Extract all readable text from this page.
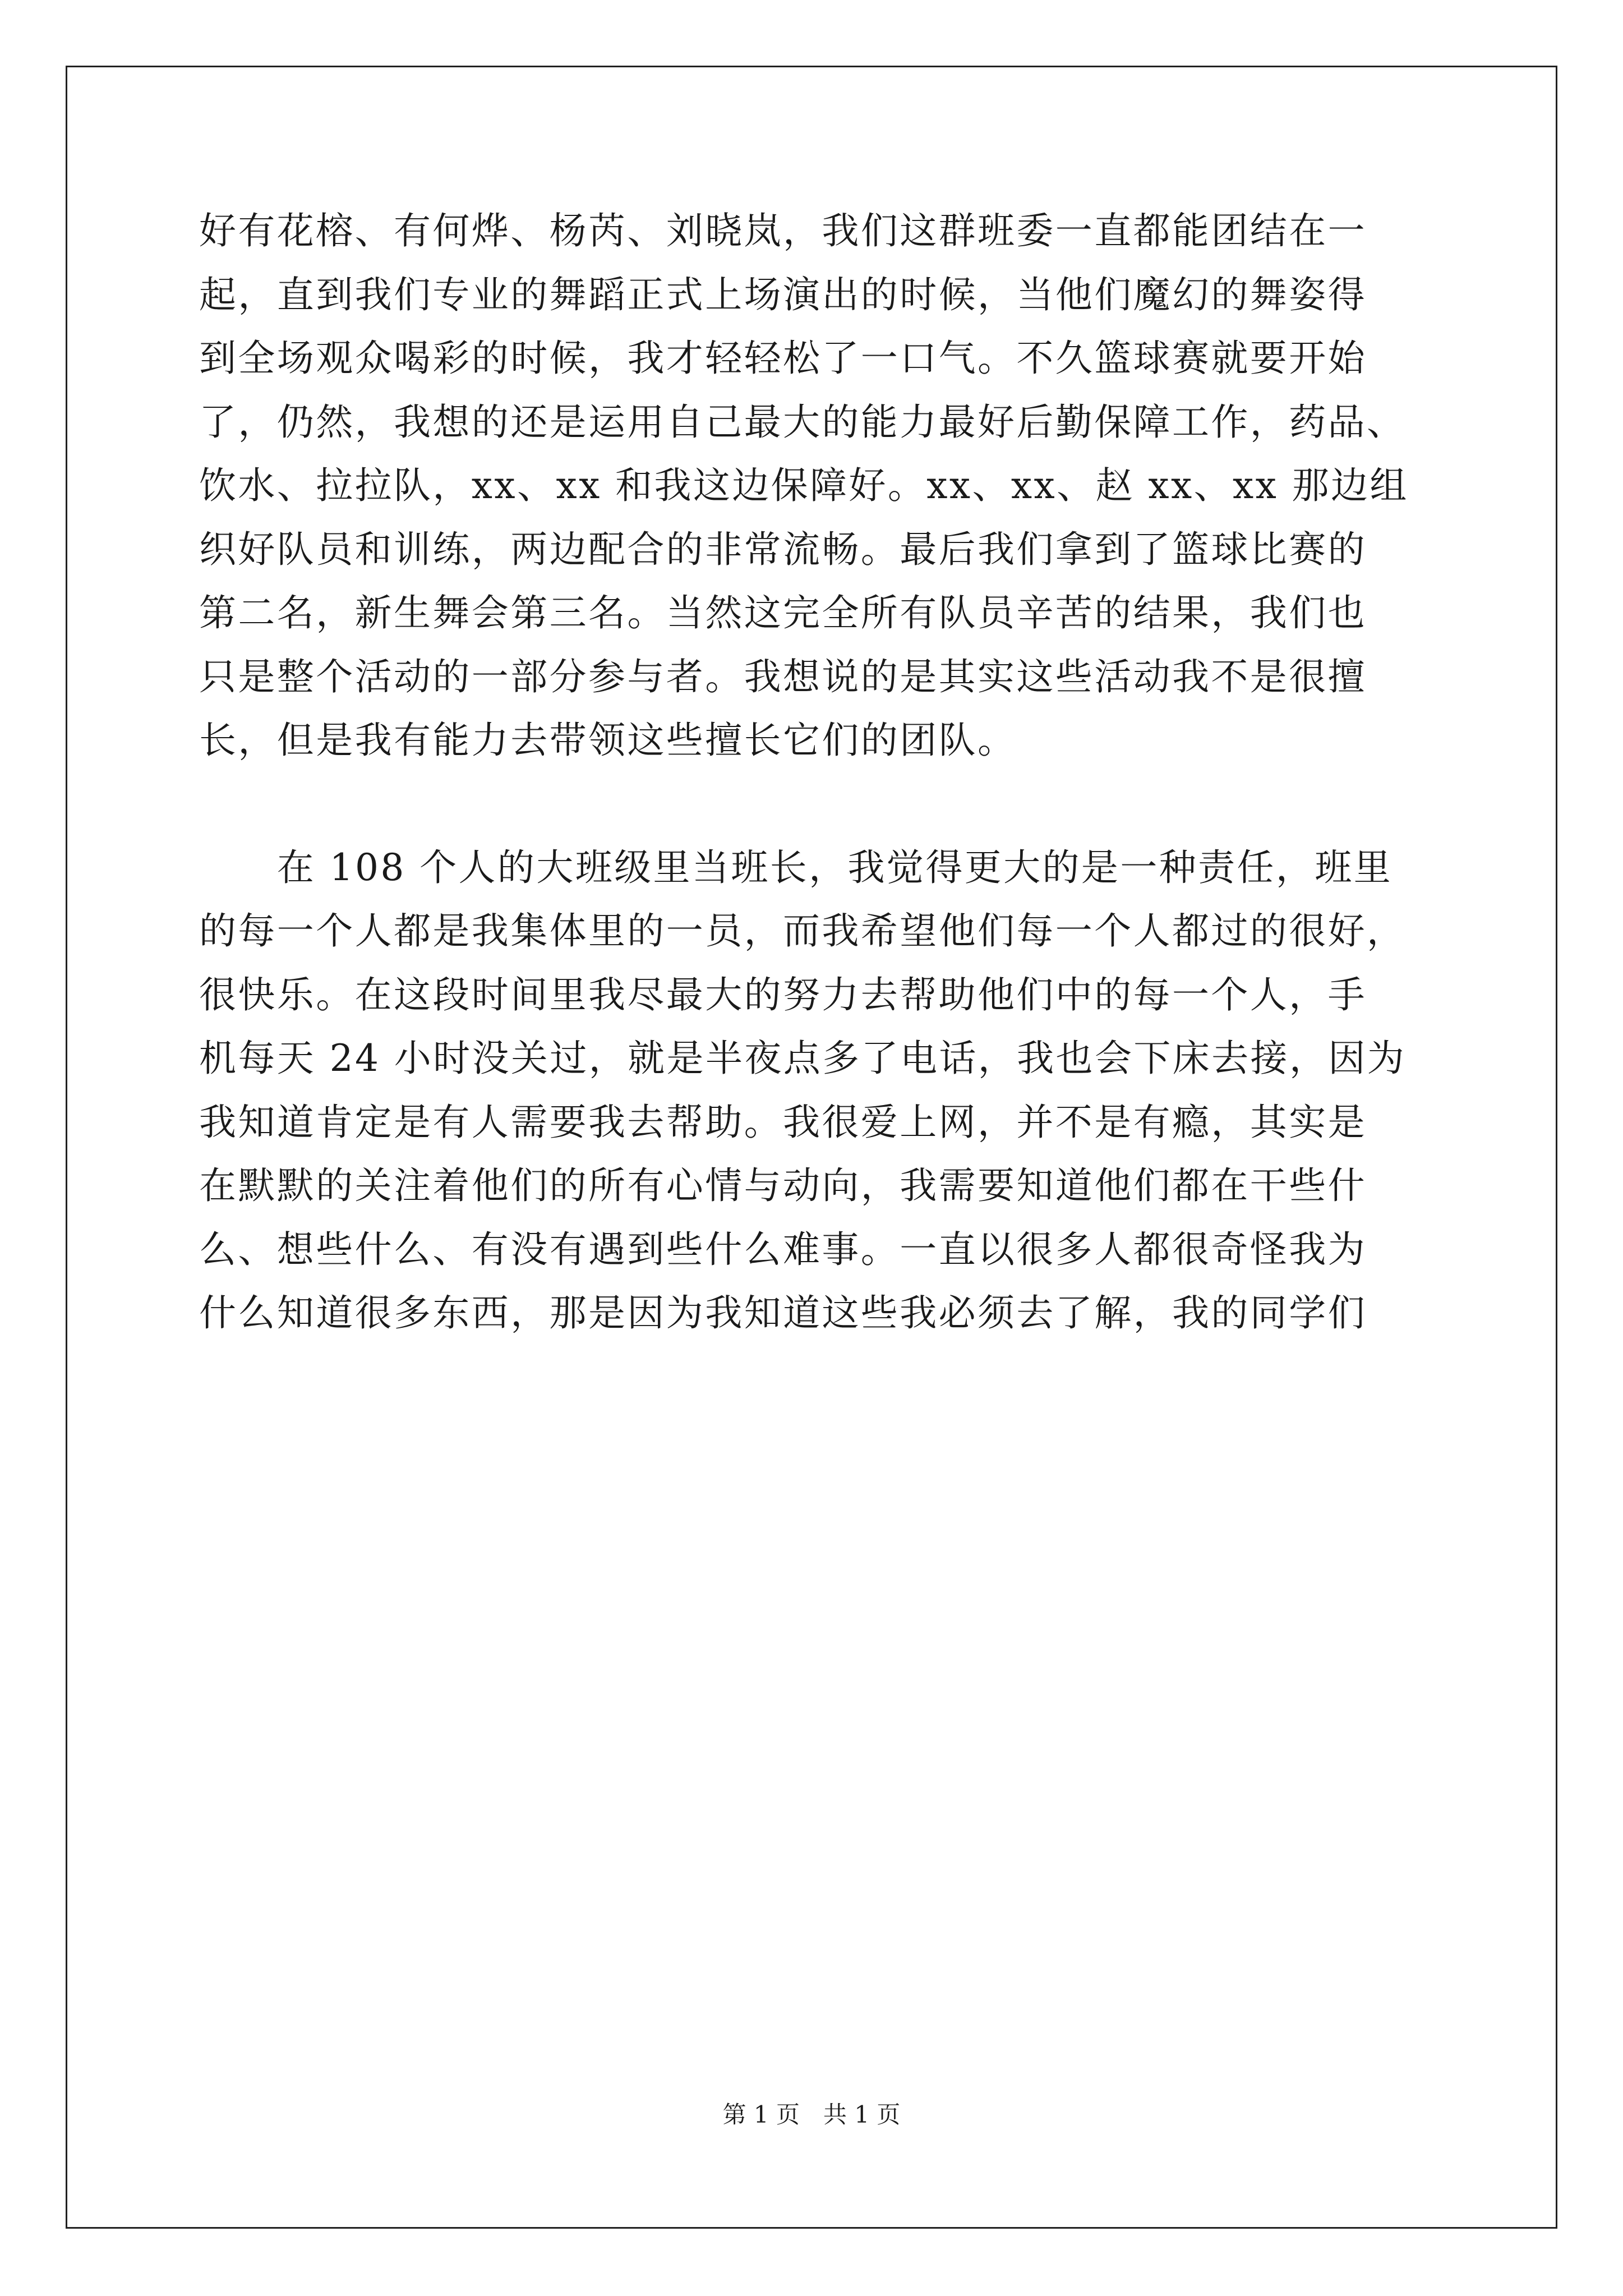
好有花榕、有何烨、杨芮、刘晓岚，我们这群班委一直都能团结在一
起，直到我们专业的舞蹈正式上场演出的时候，当他们魔幻的舞姿得
到全场观众喝彩的时候，我才轻轻松了一口气。不久篮球赛就要开始
了，仍然，我想的还是运用自己最大的能力最好后勤保障工作，药品、
饮水、拉拉队，xx、xx 和我这边保障好。xx、xx、赵 xx、xx 那边组
织好队员和训练，两边配合的非常流畅。最后我们拿到了篮球比赛的
第二名，新生舞会第三名。当然这完全所有队员辛苦的结果，我们也
只是整个活动的一部分参与者。我想说的是其实这些活动我不是很擅
长，但是我有能力去带领这些擅长它们的团队。
　　在 108 个人的大班级里当班长，我觉得更大的是一种责任，班里
的每一个人都是我集体里的一员，而我希望他们每一个人都过的很好，
很快乐。在这段时间里我尽最大的努力去帮助他们中的每一个人，手
机每天 24 小时没关过，就是半夜点多了电话，我也会下床去接，因为
我知道肯定是有人需要我去帮助。我很爱上网，并不是有瘾，其实是
在默默的关注着他们的所有心情与动向，我需要知道他们都在干些什
么、想些什么、有没有遇到些什么难事。一直以很多人都很奇怪我为
什么知道很多东西，那是因为我知道这些我必须去了解，我的同学们
第 1 页　共 1 页
